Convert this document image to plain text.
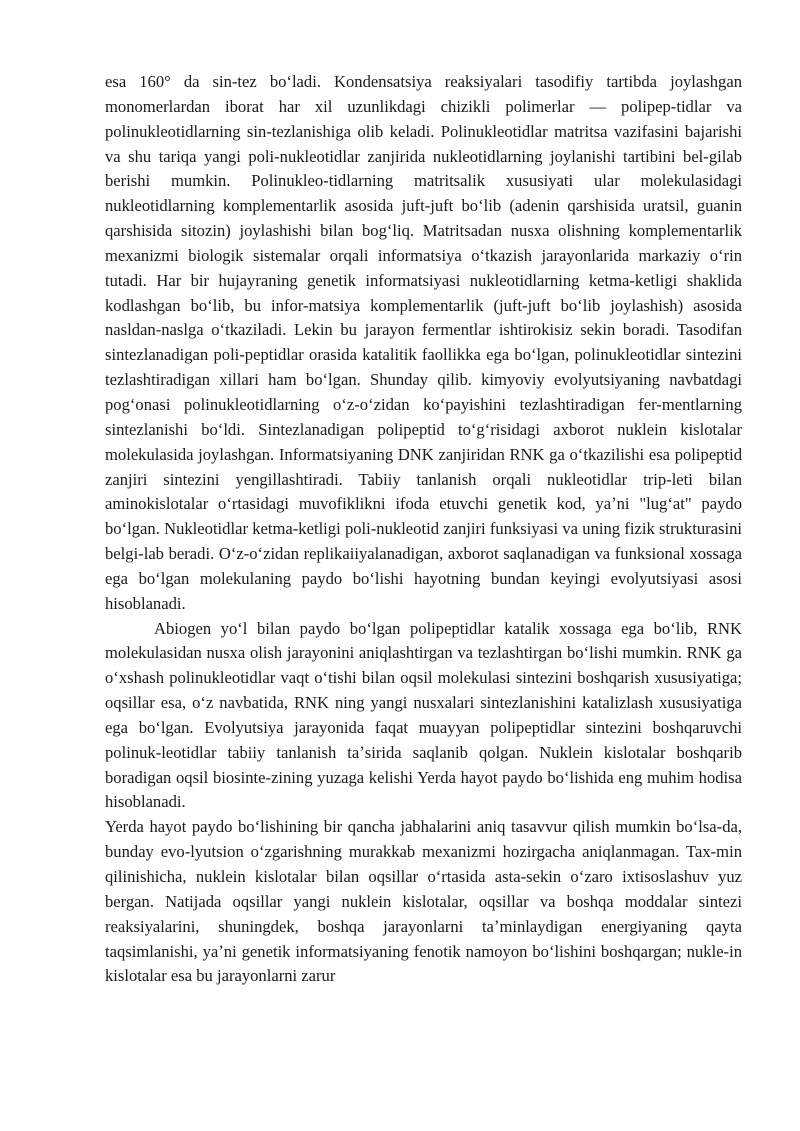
esa 160° da sin-tez boʻladi. Kondensatsiya reaksiyalari tasodifiy tartibda joylashgan monomerlardan iborat har xil uzunlikdagi chizikli polimerlar — polipep-tidlar va polinukleotidlarning sin-tezlanishiga olib keladi. Polinukleotidlar matritsa vazifasini bajarishi va shu tariqa yangi poli-nukleotidlar zanjirida nukleotidlarning joylanishi tartibini bel-gilab berishi mumkin. Polinukleo-tidlarning matritsalik xususiyati ular molekulasidagi nukleotidlarning komplementarlik asosida juft-juft boʻlib (adenin qarshisida uratsil, guanin qarshisida sitozin) joylashishi bilan bogʻliq. Matritsadan nusxa olishning komplementarlik mexanizmi biologik sistemalar orqali informatsiya oʻtkazish jarayonlarida markaziy oʻrin tutadi. Har bir hujayraning genetik informatsiyasi nukleotidlarning ketma-ketligi shaklida kodlashgan boʻlib, bu infor-matsiya komplementarlik (juft-juft boʻlib joylashish) asosida nasldan-naslga oʻtkaziladi. Lekin bu jarayon fermentlar ishtirokisiz sekin boradi. Tasodifan sintezlanadigan poli-peptidlar orasida katalitik faollikka ega boʻlgan, polinukleotidlar sintezini tezlashtiradigan xillari ham boʻlgan. Shunday qilib. kimyoviy evolyutsiyaning navbatdagi pogʻonasi polinukleotidlarning oʻz-oʻzidan koʻpayishini tezlashtiradigan fer-mentlarning sintezlanishi boʻldi. Sintezlanadigan polipeptid toʻgʻrisidagi axborot nuklein kislotalar molekulasida joylashgan. Informatsiyaning DNK zanjiridan RNK ga oʻtkazilishi esa polipeptid zanjiri sintezini yengillashtiradi. Tabiiy tanlanish orqali nukleotidlar trip-leti bilan aminokislotalar oʻrtasidagi muvofiklikni ifoda etuvchi genetik kod, yaʼni "lugʻat" paydo boʻlgan. Nukleotidlar ketma-ketligi poli-nukleotid zanjiri funksiyasi va uning fizik strukturasini belgi-lab beradi. Oʻz-oʻzidan replikaiiyalanadigan, axborot saqlanadigan va funksional xossaga ega boʻlgan molekulaning paydo boʻlishi hayotning bundan keyingi evolyutsiyasi asosi hisoblanadi.

Abiogen yoʻl bilan paydo boʻlgan polipeptidlar katalik xossaga ega boʻlib, RNK molekulasidan nusxa olish jarayonini aniqlashtirgan va tezlashtirgan boʻlishi mumkin. RNK ga oʻxshash polinukleotidlar vaqt oʻtishi bilan oqsil molekulasi sintezini boshqarish xususiyatiga; oqsillar esa, oʻz navbatida, RNK ning yangi nusxalari sintezlanishini katalizlash xususiyatiga ega boʻlgan. Evolyutsiya jarayonida faqat muayyan polipeptidlar sintezini boshqaruvchi polinuk-leotidlar tabiiy tanlanish taʼsirida saqlanib qolgan. Nuklein kislotalar boshqarib boradigan oqsil biosinte-zining yuzaga kelishi Yerda hayot paydo boʻlishida eng muhim hodisa hisoblanadi.

Yerda hayot paydo boʻlishining bir qancha jabhalarini aniq tasavvur qilish mumkin boʻlsa-da, bunday evo-lyutsion oʻzgarishning murakkab mexanizmi hozirgacha aniqlanmagan. Tax-min qilinishicha, nuklein kislotalar bilan oqsillar oʻrtasida asta-sekin oʻzaro ixtisoslashuv yuz bergan. Natijada oqsillar yangi nuklein kislotalar, oqsillar va boshqa moddalar sintezi reaksiyalarini, shuningdek, boshqa jarayonlarni taʼminlaydigan energiyaning qayta taqsimlanishi, yaʼni genetik informatsiyaning fenotik namoyon boʻlishini boshqargan; nukle-in kislotalar esa bu jarayonlarni zarur
